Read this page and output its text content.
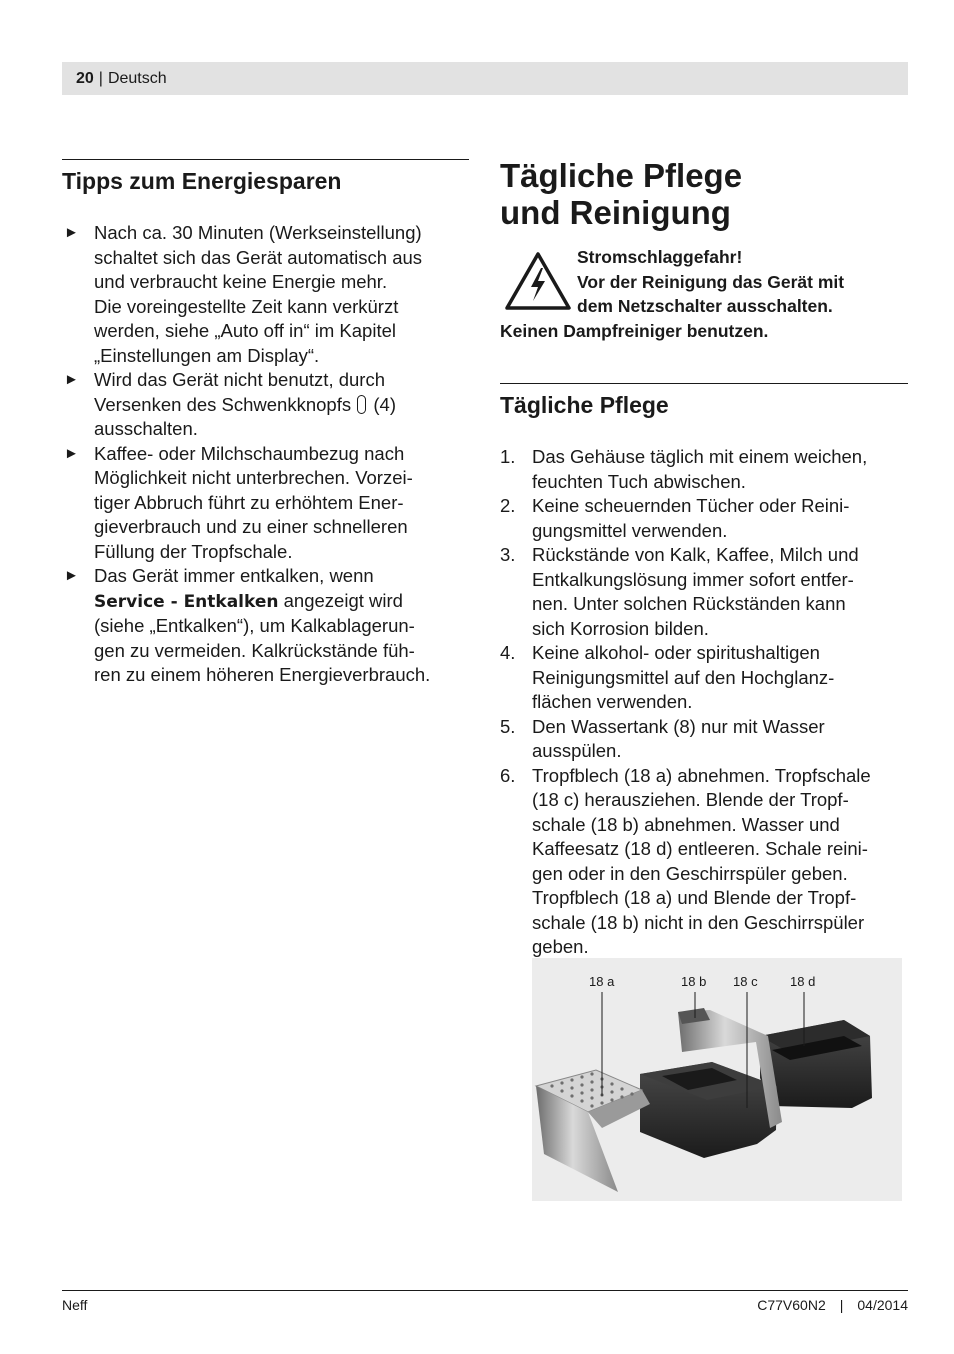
20 | Deutsch
Tipps zum Energiesparen
► Nach ca. 30 Minuten (Werkseinstellung)
schaltet sich das Gerät automatisch aus
und verbraucht keine Energie mehr.
Die voreingestellte Zeit kann verkürzt
werden, siehe „Auto off in“ im Kapitel
„Einstellungen am Display“.
► Wird das Gerät nicht benutzt, durch
Versenken des Schwenkknopfs (4)
ausschalten.
► Kaffee- oder Milchschaumbezug nach
Möglichkeit nicht unterbrechen. Vorzei-
tiger Abbruch führt zu erhöhtem Ener-
gieverbrauch und zu einer schnelleren
Füllung der Tropfschale.
► Das Gerät immer entkalken, wenn
Service - Entkalken angezeigt wird
(siehe „Entkalken“), um Kalkablagerun-
gen zu vermeiden. Kalkrückstände füh-
ren zu einem höheren Energieverbrauch.
Tägliche Pflege
und Reinigung
Stromschlaggefahr!
Vor der Reinigung das Gerät mit
dem Netzschalter ausschalten.
Keinen Dampfreiniger benutzen.
Tägliche Pflege
1. Das Gehäuse täglich mit einem weichen,
feuchten Tuch abwischen.
2. Keine scheuernden Tücher oder Reini-
gungsmittel verwenden.
3. Rückstände von Kalk, Kaffee, Milch und
Entkalkungslösung immer sofort entfer-
nen. Unter solchen Rückständen kann
sich Korrosion bilden.
4. Keine alkohol- oder spiritushaltigen
Reinigungsmittel auf den Hochglanz-
flächen verwenden.
5. Den Wassertank (8) nur mit Wasser
ausspülen.
6. Tropfblech (18 a) abnehmen. Tropfschale
(18 c) herausziehen. Blende der Tropf-
schale (18 b) abnehmen. Wasser und
Kaffeesatz (18 d) entleeren. Schale reini-
gen oder in den Geschirrspüler geben.
Tropfblech (18 a) und Blende der Tropf-
schale (18 b) nicht in den Geschirrspüler
geben.
18 a	18 b 18 c 18 d
Neff	C77V60N2 | 04/2014
